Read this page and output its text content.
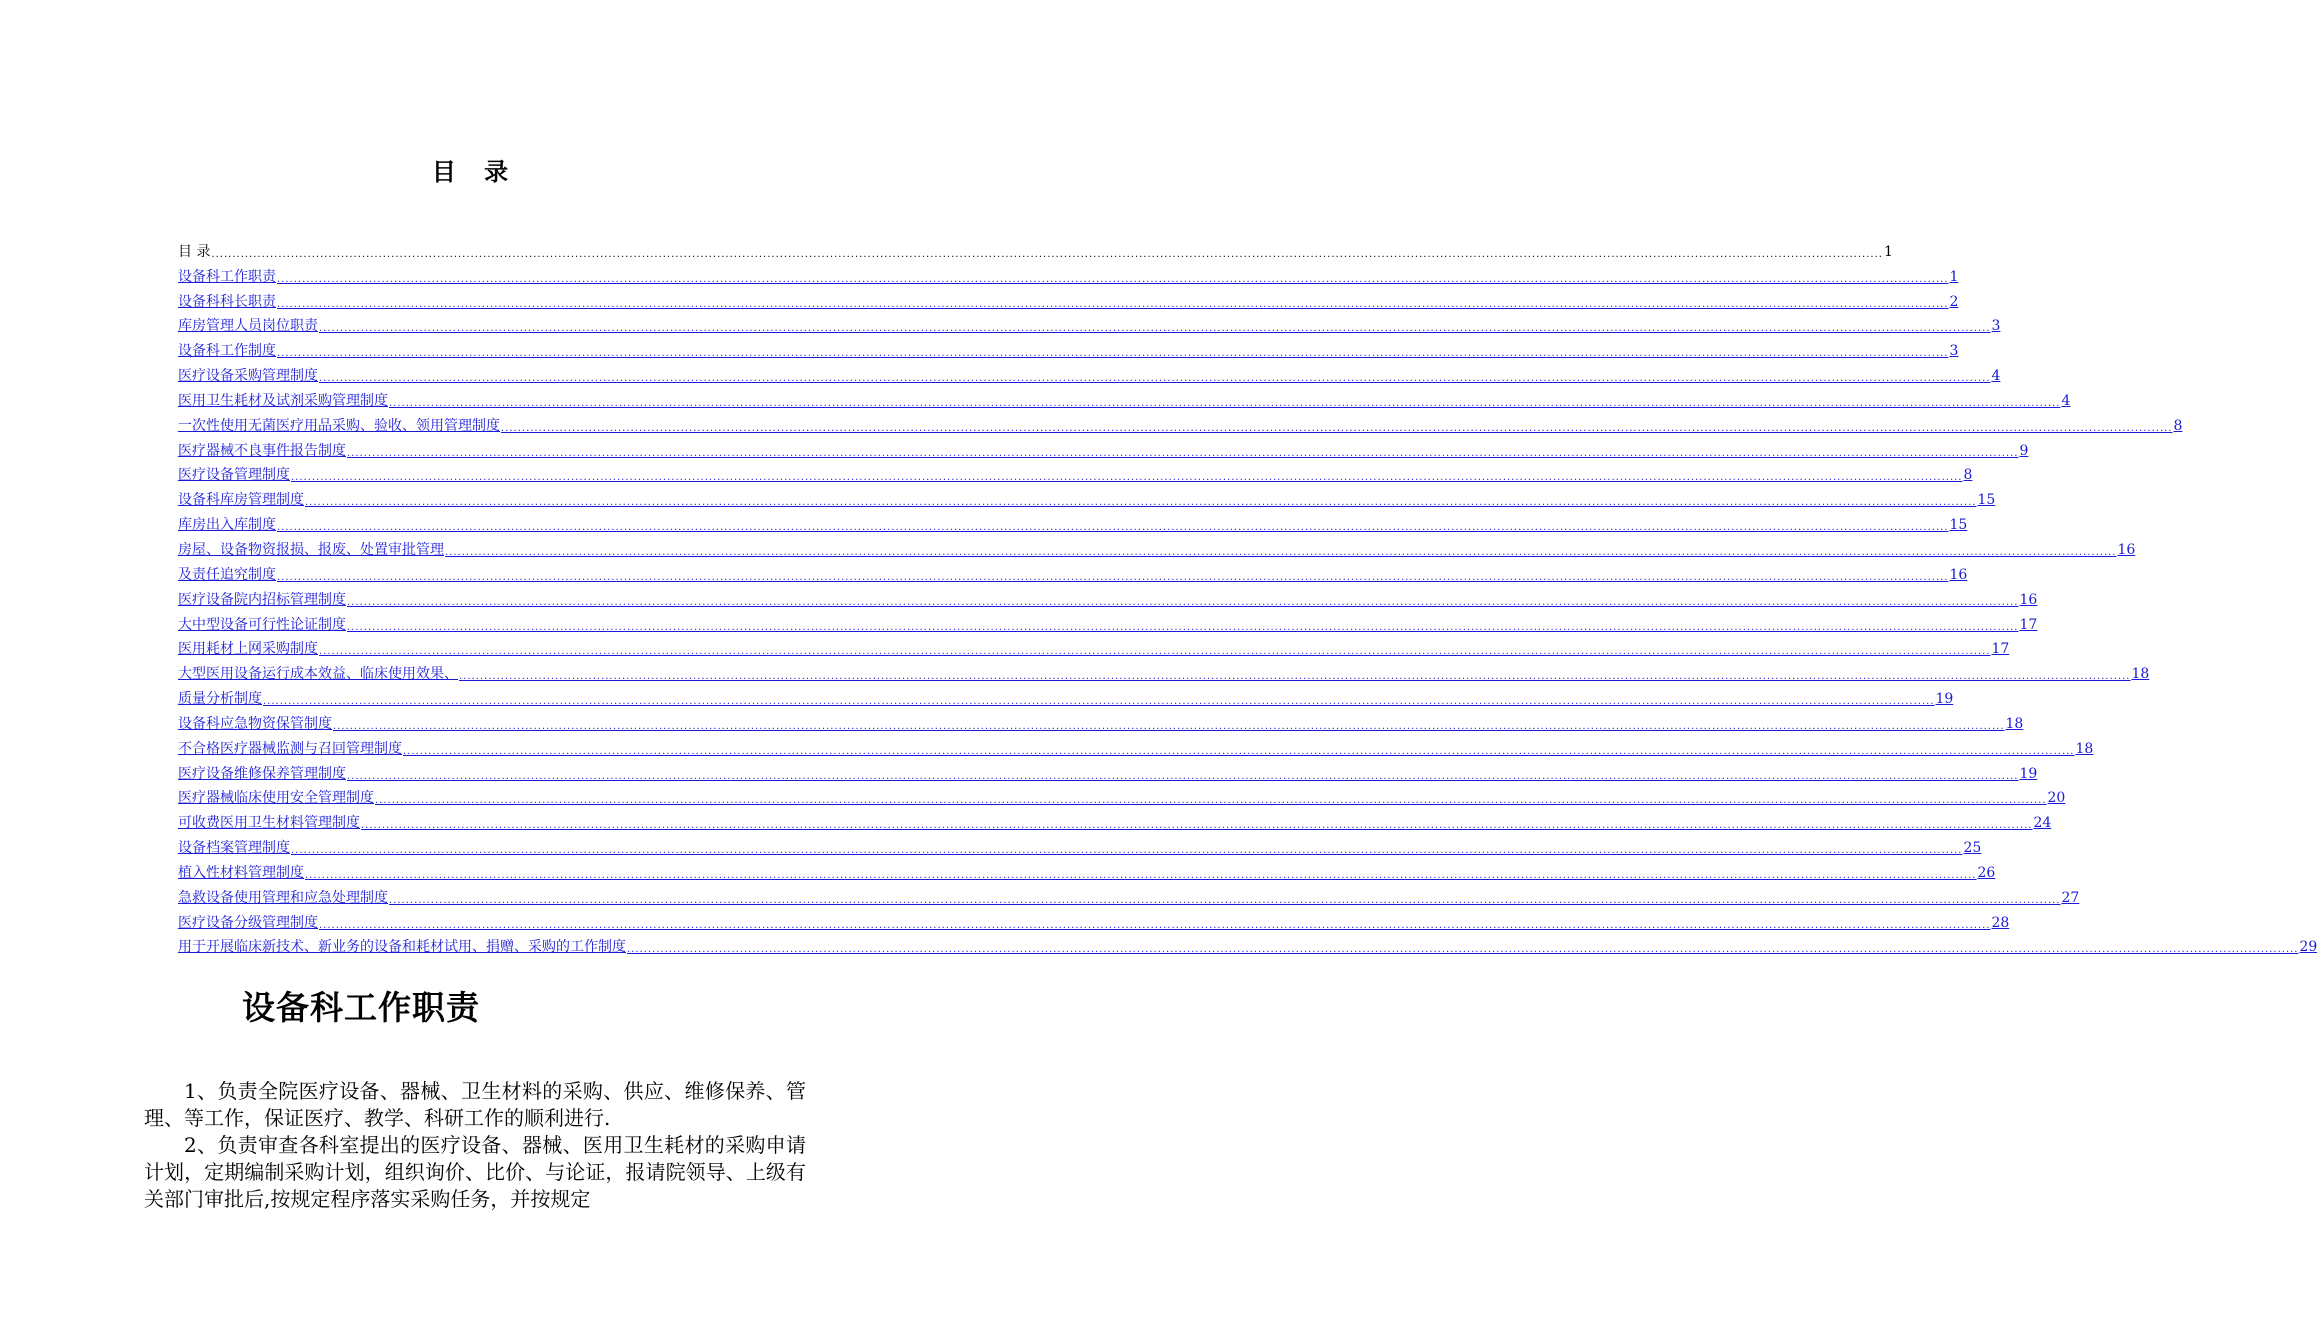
目 录
目 录 ................................................................................................................................................................................................................................................................................................................................................................................................................ 1
设备科工作职责 ................................................................................................................................................................................................................................................................................................................................................................................................................ 1
设备科科长职责 ................................................................................................................................................................................................................................................................................................................................................................................................................ 2
库房管理人员岗位职责 ................................................................................................................................................................................................................................................................................................................................................................................................................ 3
设备科工作制度 ................................................................................................................................................................................................................................................................................................................................................................................................................ 3
医疗设备采购管理制度 ................................................................................................................................................................................................................................................................................................................................................................................................................ 4
医用卫生耗材及试剂采购管理制度 ................................................................................................................................................................................................................................................................................................................................................................................................................ 4
一次性使用无菌医疗用品采购、验收、领用管理制度 ................................................................................................................................................................................................................................................................................................................................................................................................................ 8
医疗器械不良事件报告制度 ................................................................................................................................................................................................................................................................................................................................................................................................................ 9
医疗设备管理制度 ................................................................................................................................................................................................................................................................................................................................................................................................................ 8
设备科库房管理制度 ................................................................................................................................................................................................................................................................................................................................................................................................................ 15
库房出入库制度 ................................................................................................................................................................................................................................................................................................................................................................................................................ 15
房屋、设备物资报损、报废、处置审批管理 ................................................................................................................................................................................................................................................................................................................................................................................................................ 16
及责任追究制度 ................................................................................................................................................................................................................................................................................................................................................................................................................ 16
医疗设备院内招标管理制度 ................................................................................................................................................................................................................................................................................................................................................................................................................ 16
大中型设备可行性论证制度 ................................................................................................................................................................................................................................................................................................................................................................................................................ 17
医用耗材上网采购制度 ................................................................................................................................................................................................................................................................................................................................................................................................................ 17
大型医用设备运行成本效益、临床使用效果、 ................................................................................................................................................................................................................................................................................................................................................................................................................ 18
质量分析制度 ................................................................................................................................................................................................................................................................................................................................................................................................................ 19
设备科应急物资保管制度 ................................................................................................................................................................................................................................................................................................................................................................................................................ 18
不合格医疗器械监测与召回管理制度 ................................................................................................................................................................................................................................................................................................................................................................................................................ 18
医疗设备维修保养管理制度 ................................................................................................................................................................................................................................................................................................................................................................................................................ 19
医疗器械临床使用安全管理制度 ................................................................................................................................................................................................................................................................................................................................................................................................................ 20
可收费医用卫生材料管理制度 ................................................................................................................................................................................................................................................................................................................................................................................................................ 24
设备档案管理制度 ................................................................................................................................................................................................................................................................................................................................................................................................................ 25
植入性材料管理制度 ................................................................................................................................................................................................................................................................................................................................................................................................................ 26
急救设备使用管理和应急处理制度 ................................................................................................................................................................................................................................................................................................................................................................................................................ 27
医疗设备分级管理制度 ................................................................................................................................................................................................................................................................................................................................................................................................................ 28
用于开展临床新技术、新业务的设备和耗材试用、捐赠、采购的工作制度 ................................................................................................................................................................................................................................................................................................................................................................................................................ 29
设备科工作职责

1、负责全院医疗设备、器械、卫生材料的采购、供应、维修保养、管理、等工作，保证医疗、教学、科研工作的顺利进行.

2、负责审查各科室提出的医疗设备、器械、医用卫生耗材的采购申请计划，定期编制采购计划，组织询价、比价、与论证，报请院领导、上级有关部门审批后,按规定程序落实采购任务，并按规定
